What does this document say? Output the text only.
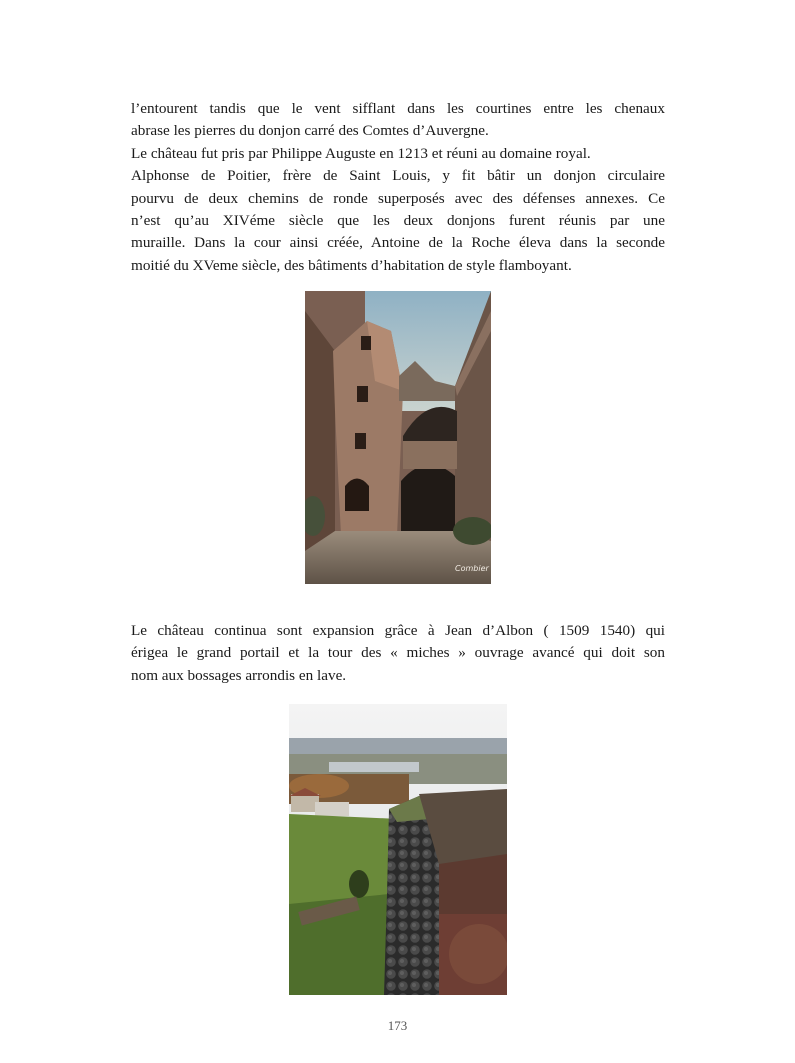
l’entourent tandis que le vent sifflant dans les courtines entre les chenaux
abrase les pierres du donjon carré des Comtes d’Auvergne.
Le château fut pris par Philippe Auguste en 1213 et réuni au domaine royal.
Alphonse de Poitier, frère de Saint Louis, y fit bâtir un donjon circulaire
pourvu de deux chemins de ronde superposés avec des défenses annexes. Ce
n’est qu’au XIVéme siècle que les deux donjons furent réunis par une
muraille. Dans la cour ainsi créée, Antoine de la Roche éleva dans la seconde
moitié du XVeme siècle, des bâtiments d’habitation de style flamboyant.
Combier
Le château continua sont expansion grâce à Jean d’Albon ( 1509 1540) qui
érigea le grand portail et la tour des « miches » ouvrage avancé qui doit son
nom aux bossages arrondis en lave.
173
